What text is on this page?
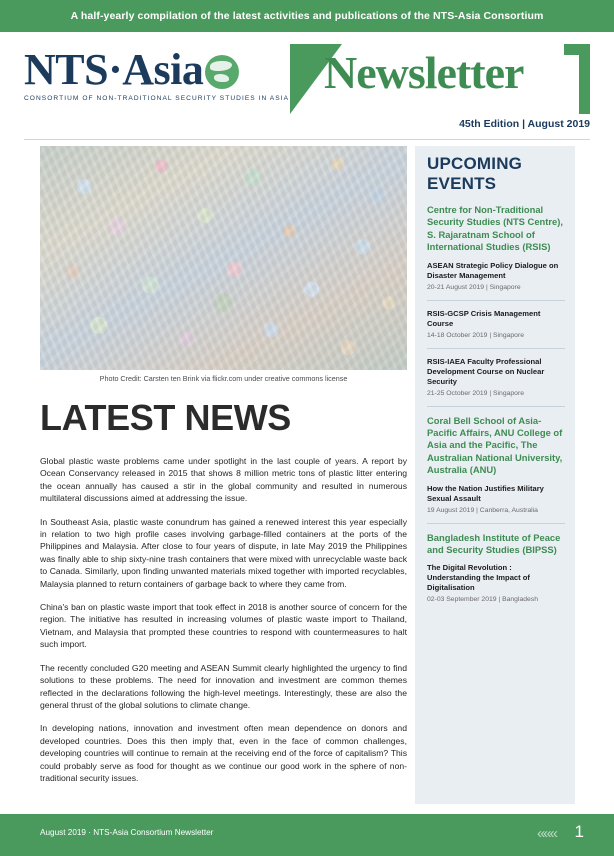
A half-yearly compilation of the latest activities and publications of the NTS-Asia Consortium
NTS·Asia
CONSORTIUM OF NON-TRADITIONAL SECURITY STUDIES IN ASIA
Newsletter
45th Edition | August 2019
Photo Credit: Carsten ten Brink via flickr.com under creative commons license
LATEST NEWS
Global plastic waste problems came under spotlight in the last couple of years. A report by Ocean Conservancy released in 2015 that shows 8 million metric tons of plastic litter entering the ocean annually has caused a stir in the global community and resulted in numerous multilateral discussions aimed at addressing the issue.
In Southeast Asia, plastic waste conundrum has gained a renewed interest this year especially in relation to two high profile cases involving garbage-filled containers at the ports of the Philippines and Malaysia. After close to four years of dispute, in late May 2019 the Philippines was finally able to ship sixty-nine trash containers that were mixed with unrecyclable waste back to Canada. Similarly, upon finding unwanted materials mixed together with imported recyclables, Malaysia planned to return containers of garbage back to where they came from.
China's ban on plastic waste import that took effect in 2018 is another source of concern for the region. The initiative has resulted in increasing volumes of plastic waste import to Thailand, Vietnam, and Malaysia that prompted these countries to respond with countermeasures to halt such import.
The recently concluded G20 meeting and ASEAN Summit clearly highlighted the urgency to find solutions to these problems. The need for innovation and investment are common themes reflected in the declarations following the high-level meetings. Interestingly, these are also the general thrust of the global solutions to climate change.
In developing nations, innovation and investment often mean dependence on donors and developed countries. Does this then imply that, even in the face of common challenges, developing countries will continue to remain at the receiving end of the force of capitalism? This could probably serve as food for thought as we continue our good work in the sphere of non-traditional security issues.
UPCOMING EVENTS
Centre for Non-Traditional Security Studies (NTS Centre), S. Rajaratnam School of International Studies (RSIS)
ASEAN Strategic Policy Dialogue on Disaster Management
20-21 August 2019 | Singapore
RSIS-GCSP Crisis Management Course
14-18 October 2019 | Singapore
RSIS-IAEA Faculty Professional Development Course on Nuclear Security
21-25 October 2019 | Singapore
Coral Bell School of Asia-Pacific Affairs, ANU College of Asia and the Pacific, The Australian National University, Australia (ANU)
How the Nation Justifies Military Sexual Assault
19 August 2019 | Canberra, Australia
Bangladesh Institute of Peace and Security Studies (BIPSS)
The Digital Revolution : Understanding the Impact of Digitalisation
02-03 September 2019 | Bangladesh
August 2019 · NTS-Asia Consortium Newsletter	««« 1
